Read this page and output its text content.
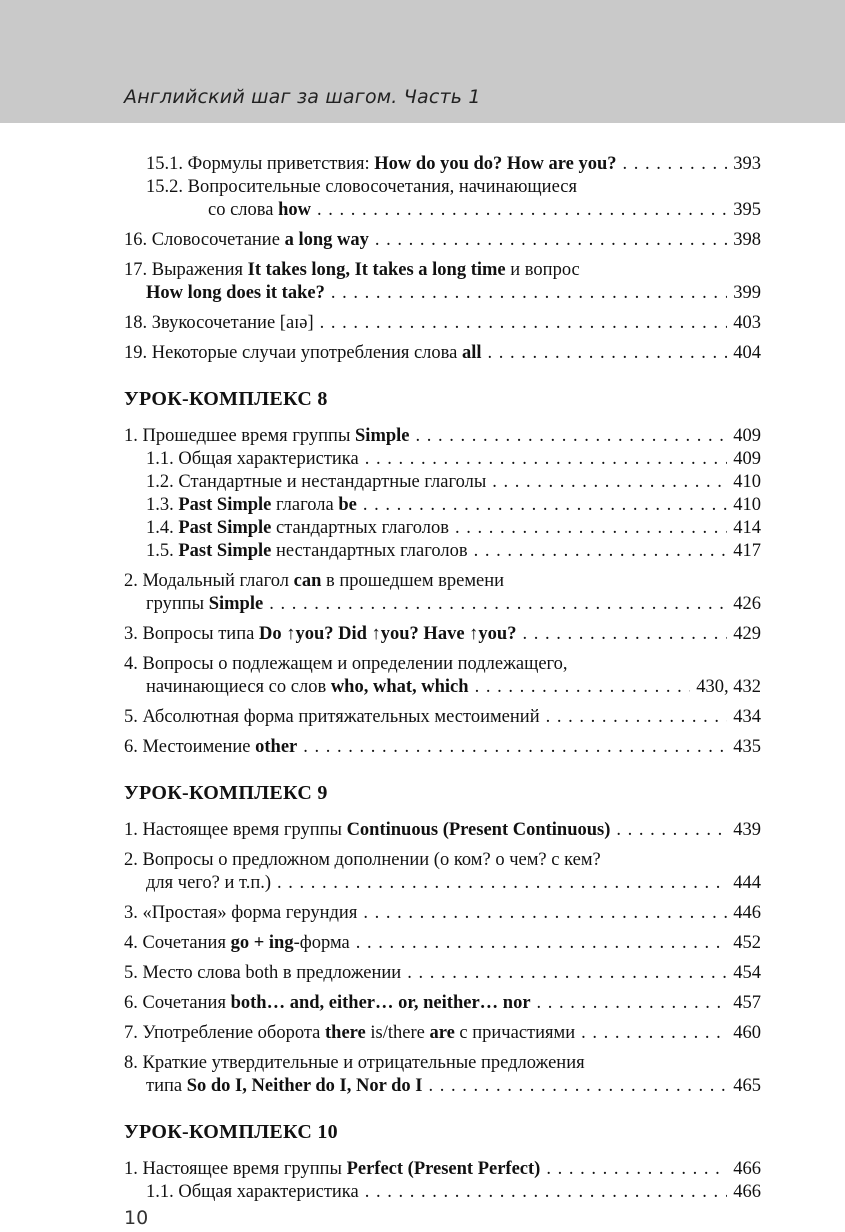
Английский шаг за шагом. Часть 1
15.1. Формулы приветствия: How do you do? How are you? . . .	393
15.2. Вопросительные словосочетания, начинающиеся
со слова how . . .	395
16. Словосочетание a long way . . .	398
17. Выражения It takes long, It takes a long time и вопрос
How long does it take? . . .	399
18. Звукосочетание [aɪə] . . .	403
19. Некоторые случаи употребления слова all . . .	404
УРОК-КОМПЛЕКС 8
1. Прошедшее время группы Simple . . .	409
1.1. Общая характеристика . . .	409
1.2. Стандартные и нестандартные глаголы . . .	410
1.3. Past Simple глагола be . . .	410
1.4. Past Simple стандартных глаголов . . .	414
1.5. Past Simple нестандартных глаголов . . .	417
2. Модальный глагол can в прошедшем времени
группы Simple . . .	426
3. Вопросы типа Do ↑you? Did ↑you? Have ↑you? . . .	429
4. Вопросы о подлежащем и определении подлежащего,
начинающиеся со слов who, what, which . . .	430, 432
5. Абсолютная форма притяжательных местоимений . . .	434
6. Местоимение other . . .	435
УРОК-КОМПЛЕКС 9
1. Настоящее время группы Continuous (Present Continuous) . . .	439
2. Вопросы о предложном дополнении (о ком? о чем? с кем?
для чего? и т.п.) . . .	444
3. «Простая» форма герундия . . .	446
4. Сочетания go + ing-форма . . .	452
5. Место слова both в предложении . . .	454
6. Сочетания both… and, either… or, neither… nor . . .	457
7. Употребление оборота there is/there are с причастиями . . .	460
8. Краткие утвердительные и отрицательные предложения
типа So do I, Neither do I, Nor do I . . .	465
УРОК-КОМПЛЕКС 10
1. Настоящее время группы Perfect (Present Perfect) . . .	466
1.1. Общая характеристика . . .	466
10
